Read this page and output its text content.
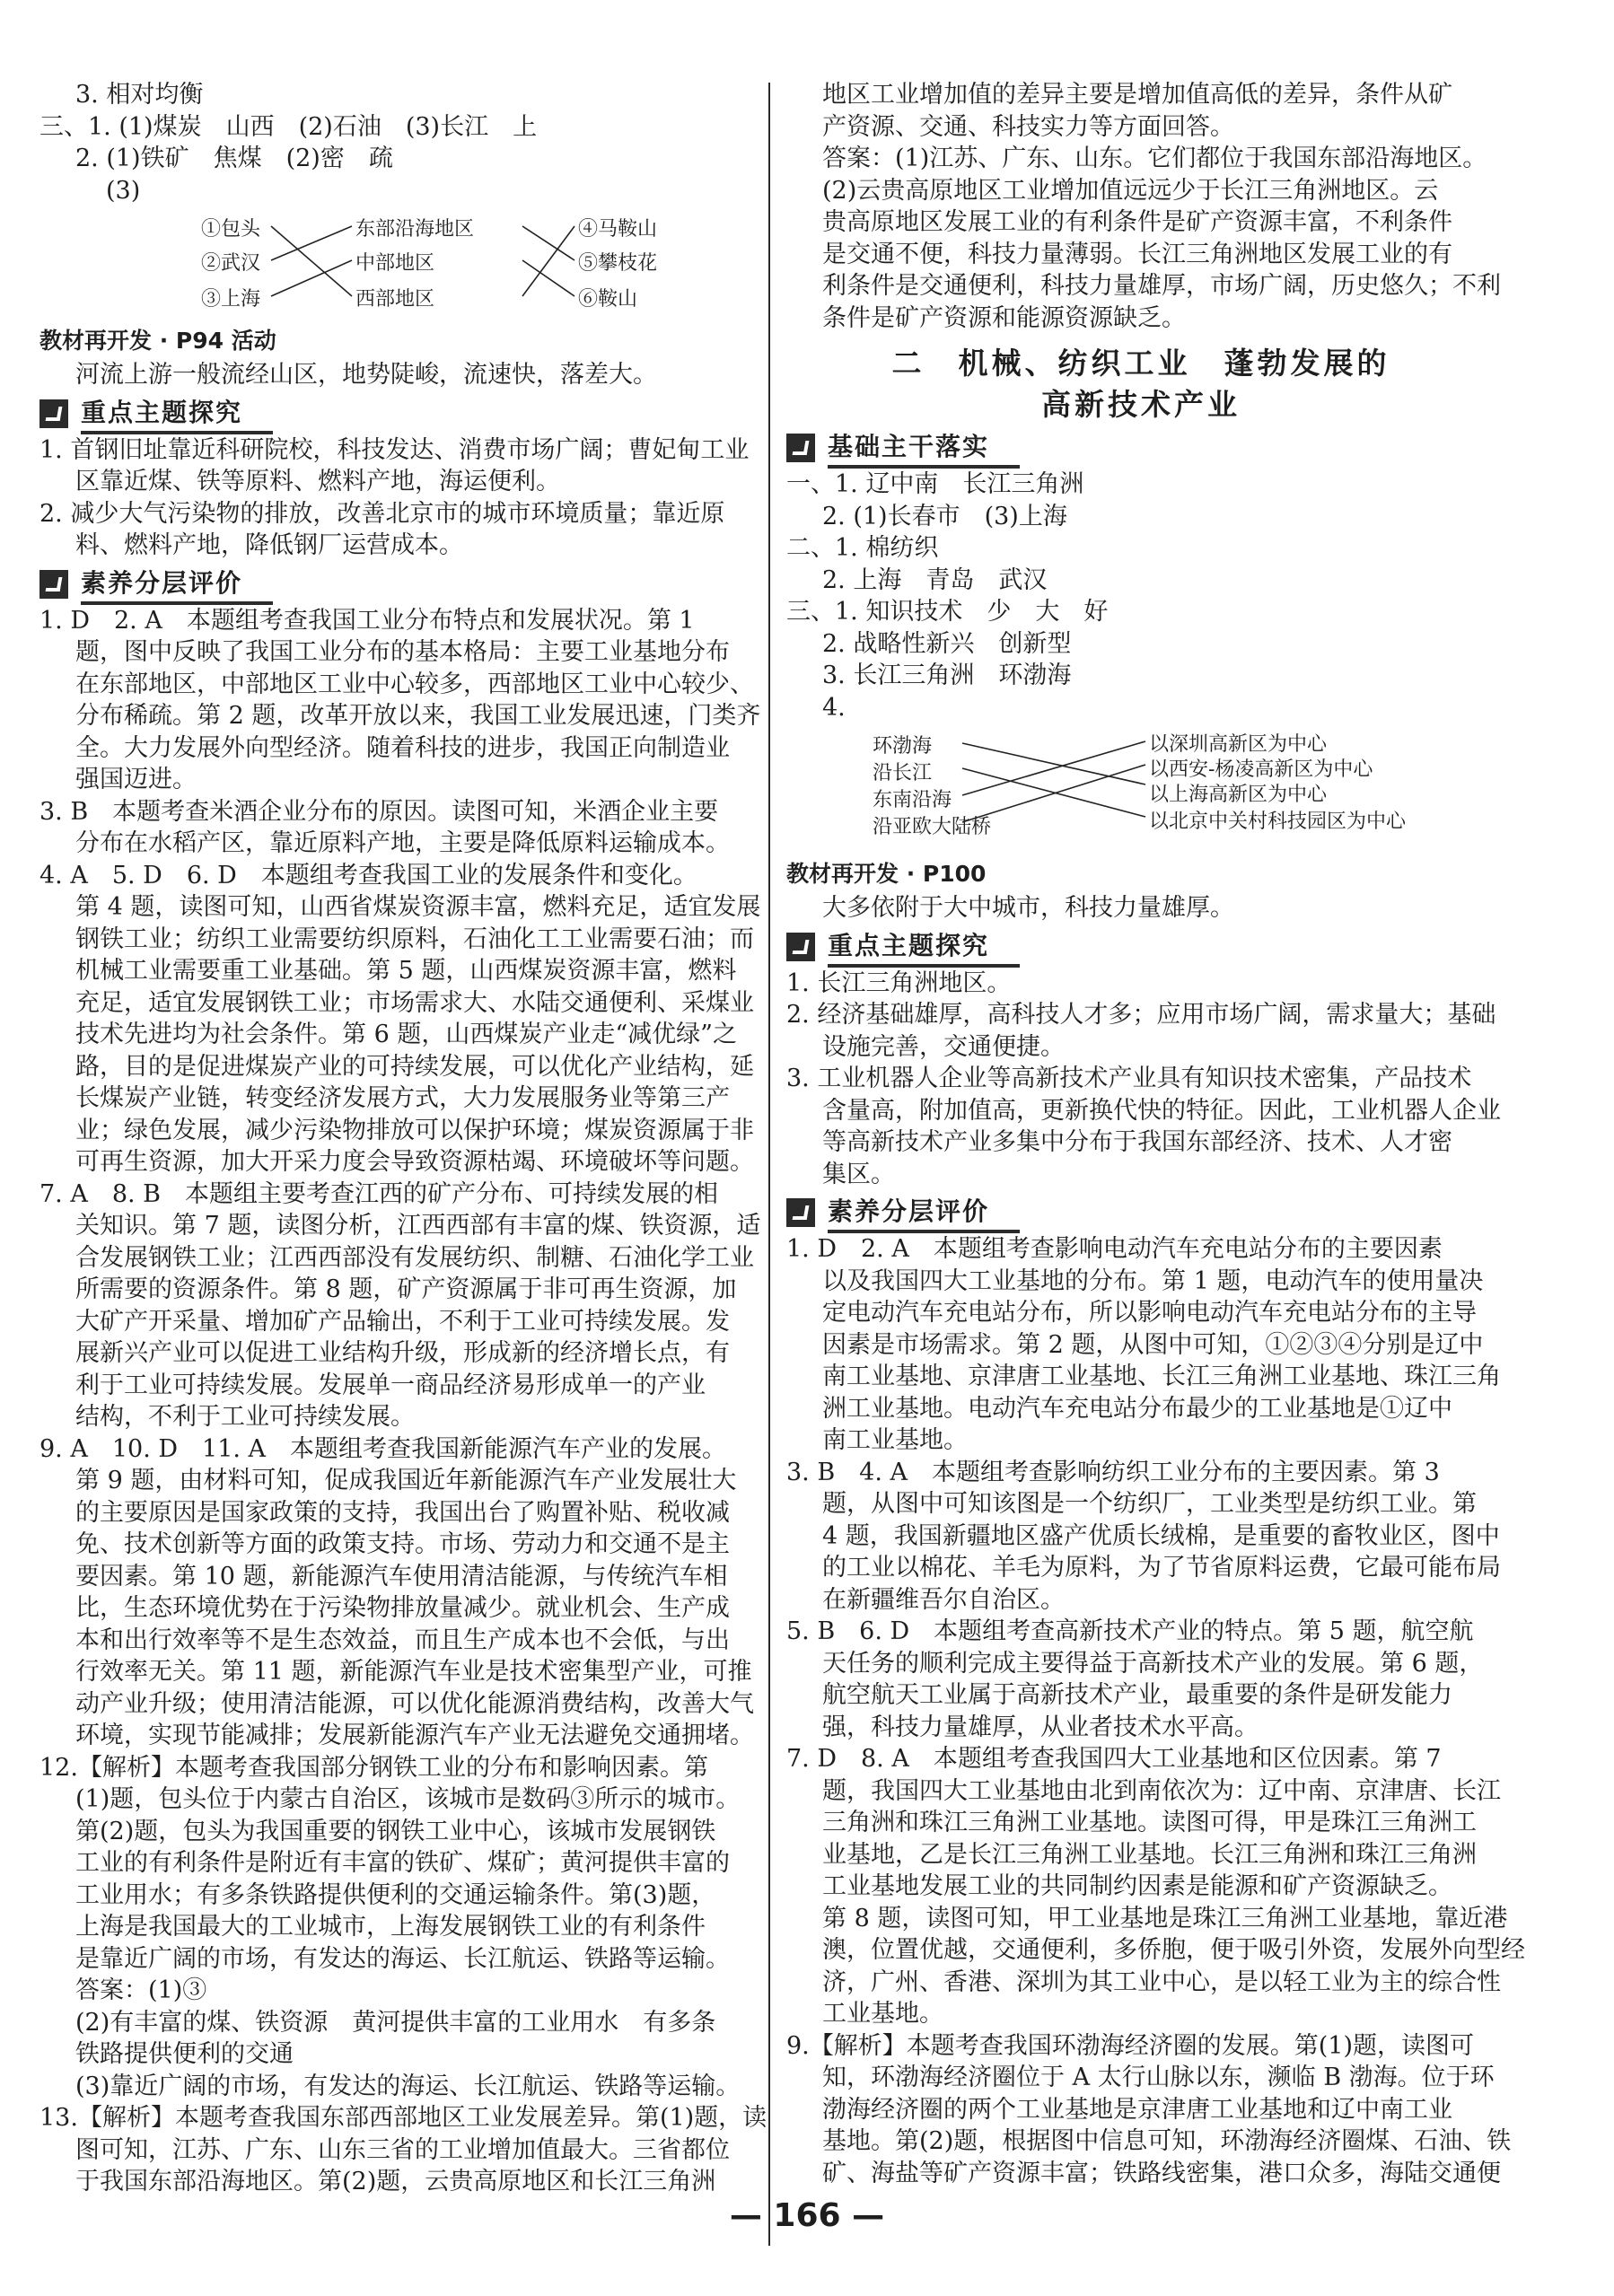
3. 相对均衡
三、1. (1)煤炭　山西　(2)石油　(3)长江　上
2. (1)铁矿　焦煤　(2)密　疏
(3)
①包头
②武汉
③上海
东部沿海地区
中部地区
西部地区
④马鞍山
⑤攀枝花
⑥鞍山
教材再开发 · P94 活动
河流上游一般流经山区，地势陡峻，流速快，落差大。
重点主题探究
1. 首钢旧址靠近科研院校，科技发达、消费市场广阔；曹妃甸工业
区靠近煤、铁等原料、燃料产地，海运便利。
2. 减少大气污染物的排放，改善北京市的城市环境质量；靠近原
料、燃料产地，降低钢厂运营成本。
素养分层评价
1. D　2. A　本题组考查我国工业分布特点和发展状况。第 1
题，图中反映了我国工业分布的基本格局：主要工业基地分布
在东部地区，中部地区工业中心较多，西部地区工业中心较少、
分布稀疏。第 2 题，改革开放以来，我国工业发展迅速，门类齐
全。大力发展外向型经济。随着科技的进步，我国正向制造业
强国迈进。
3. B　本题考查米酒企业分布的原因。读图可知，米酒企业主要
分布在水稻产区，靠近原料产地，主要是降低原料运输成本。
4. A　5. D　6. D　本题组考查我国工业的发展条件和变化。
第 4 题，读图可知，山西省煤炭资源丰富，燃料充足，适宜发展
钢铁工业；纺织工业需要纺织原料，石油化工工业需要石油；而
机械工业需要重工业基础。第 5 题，山西煤炭资源丰富，燃料
充足，适宜发展钢铁工业；市场需求大、水陆交通便利、采煤业
技术先进均为社会条件。第 6 题，山西煤炭产业走“减优绿”之
路，目的是促进煤炭产业的可持续发展，可以优化产业结构，延
长煤炭产业链，转变经济发展方式，大力发展服务业等第三产
业；绿色发展，减少污染物排放可以保护环境；煤炭资源属于非
可再生资源，加大开采力度会导致资源枯竭、环境破坏等问题。
7. A　8. B　本题组主要考查江西的矿产分布、可持续发展的相
关知识。第 7 题，读图分析，江西西部有丰富的煤、铁资源，适
合发展钢铁工业；江西西部没有发展纺织、制糖、石油化学工业
所需要的资源条件。第 8 题，矿产资源属于非可再生资源，加
大矿产开采量、增加矿产品输出，不利于工业可持续发展。发
展新兴产业可以促进工业结构升级，形成新的经济增长点，有
利于工业可持续发展。发展单一商品经济易形成单一的产业
结构，不利于工业可持续发展。
9. A　10. D　11. A　本题组考查我国新能源汽车产业的发展。
第 9 题，由材料可知，促成我国近年新能源汽车产业发展壮大
的主要原因是国家政策的支持，我国出台了购置补贴、税收减
免、技术创新等方面的政策支持。市场、劳动力和交通不是主
要因素。第 10 题，新能源汽车使用清洁能源，与传统汽车相
比，生态环境优势在于污染物排放量减少。就业机会、生产成
本和出行效率等不是生态效益，而且生产成本也不会低，与出
行效率无关。第 11 题，新能源汽车业是技术密集型产业，可推
动产业升级；使用清洁能源，可以优化能源消费结构，改善大气
环境，实现节能减排；发展新能源汽车产业无法避免交通拥堵。
12.【解析】本题考查我国部分钢铁工业的分布和影响因素。第
(1)题，包头位于内蒙古自治区，该城市是数码③所示的城市。
第(2)题，包头为我国重要的钢铁工业中心，该城市发展钢铁
工业的有利条件是附近有丰富的铁矿、煤矿；黄河提供丰富的
工业用水；有多条铁路提供便利的交通运输条件。第(3)题，
上海是我国最大的工业城市，上海发展钢铁工业的有利条件
是靠近广阔的市场，有发达的海运、长江航运、铁路等运输。
答案：(1)③
(2)有丰富的煤、铁资源　黄河提供丰富的工业用水　有多条
铁路提供便利的交通
(3)靠近广阔的市场，有发达的海运、长江航运、铁路等运输。
13.【解析】本题考查我国东部西部地区工业发展差异。第(1)题，读
图可知，江苏、广东、山东三省的工业增加值最大。三省都位
于我国东部沿海地区。第(2)题，云贵高原地区和长江三角洲
地区工业增加值的差异主要是增加值高低的差异，条件从矿
产资源、交通、科技实力等方面回答。
答案：(1)江苏、广东、山东。它们都位于我国东部沿海地区。
(2)云贵高原地区工业增加值远远少于长江三角洲地区。云
贵高原地区发展工业的有利条件是矿产资源丰富，不利条件
是交通不便，科技力量薄弱。长江三角洲地区发展工业的有
利条件是交通便利，科技力量雄厚，市场广阔，历史悠久；不利
条件是矿产资源和能源资源缺乏。
二　机械、纺织工业　蓬勃发展的
高新技术产业
基础主干落实
一、1. 辽中南　长江三角洲
2. (1)长春市　(3)上海
二、1. 棉纺织
2. 上海　青岛　武汉
三、1. 知识技术　少　大　好
2. 战略性新兴　创新型
3. 长江三角洲　环渤海
4.
环渤海
沿长江
东南沿海
沿亚欧大陆桥
以深圳高新区为中心
以西安-杨凌高新区为中心
以上海高新区为中心
以北京中关村科技园区为中心
教材再开发 · P100
大多依附于大中城市，科技力量雄厚。
重点主题探究
1. 长江三角洲地区。
2. 经济基础雄厚，高科技人才多；应用市场广阔，需求量大；基础
设施完善，交通便捷。
3. 工业机器人企业等高新技术产业具有知识技术密集，产品技术
含量高，附加值高，更新换代快的特征。因此，工业机器人企业
等高新技术产业多集中分布于我国东部经济、技术、人才密
集区。
素养分层评价
1. D　2. A　本题组考查影响电动汽车充电站分布的主要因素
以及我国四大工业基地的分布。第 1 题，电动汽车的使用量决
定电动汽车充电站分布，所以影响电动汽车充电站分布的主导
因素是市场需求。第 2 题，从图中可知，①②③④分别是辽中
南工业基地、京津唐工业基地、长江三角洲工业基地、珠江三角
洲工业基地。电动汽车充电站分布最少的工业基地是①辽中
南工业基地。
3. B　4. A　本题组考查影响纺织工业分布的主要因素。第 3
题，从图中可知该图是一个纺织厂，工业类型是纺织工业。第
4 题，我国新疆地区盛产优质长绒棉，是重要的畜牧业区，图中
的工业以棉花、羊毛为原料，为了节省原料运费，它最可能布局
在新疆维吾尔自治区。
5. B　6. D　本题组考查高新技术产业的特点。第 5 题，航空航
天任务的顺利完成主要得益于高新技术产业的发展。第 6 题，
航空航天工业属于高新技术产业，最重要的条件是研发能力
强，科技力量雄厚，从业者技术水平高。
7. D　8. A　本题组考查我国四大工业基地和区位因素。第 7
题，我国四大工业基地由北到南依次为：辽中南、京津唐、长江
三角洲和珠江三角洲工业基地。读图可得，甲是珠江三角洲工
业基地，乙是长江三角洲工业基地。长江三角洲和珠江三角洲
工业基地发展工业的共同制约因素是能源和矿产资源缺乏。
第 8 题，读图可知，甲工业基地是珠江三角洲工业基地，靠近港
澳，位置优越，交通便利，多侨胞，便于吸引外资，发展外向型经
济，广州、香港、深圳为其工业中心，是以轻工业为主的综合性
工业基地。
9.【解析】本题考查我国环渤海经济圈的发展。第(1)题，读图可
知，环渤海经济圈位于 A 太行山脉以东，濒临 B 渤海。位于环
渤海经济圈的两个工业基地是京津唐工业基地和辽中南工业
基地。第(2)题，根据图中信息可知，环渤海经济圈煤、石油、铁
矿、海盐等矿产资源丰富；铁路线密集，港口众多，海陆交通便
— 166 —
